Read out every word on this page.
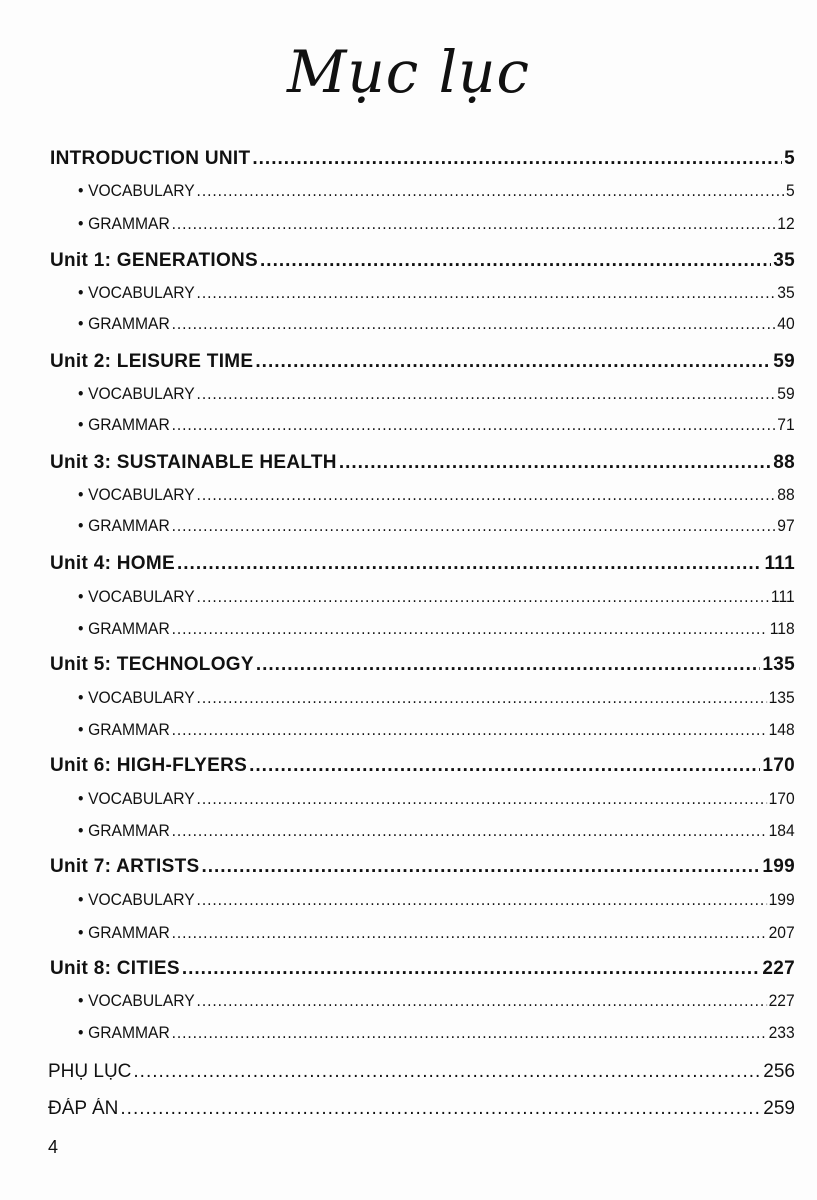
Mục lục
INTRODUCTION UNIT .....	5
• VOCABULARY .....	5
• GRAMMAR .....	12
Unit 1: GENERATIONS .....	35
• VOCABULARY .....	35
• GRAMMAR .....	40
Unit 2: LEISURE TIME .....	59
• VOCABULARY .....	59
• GRAMMAR .....	71
Unit 3: SUSTAINABLE HEALTH .....	88
• VOCABULARY .....	88
• GRAMMAR .....	97
Unit 4: HOME .....	111
• VOCABULARY .....	111
• GRAMMAR .....	118
Unit 5: TECHNOLOGY .....	135
• VOCABULARY .....	135
• GRAMMAR .....	148
Unit 6: HIGH-FLYERS .....	170
• VOCABULARY .....	170
• GRAMMAR .....	184
Unit 7: ARTISTS .....	199
• VOCABULARY .....	199
• GRAMMAR .....	207
Unit 8: CITIES .....	227
• VOCABULARY .....	227
• GRAMMAR .....	233
PHỤ LỤC .....	256
ĐÁP ÁN .....	259
4
